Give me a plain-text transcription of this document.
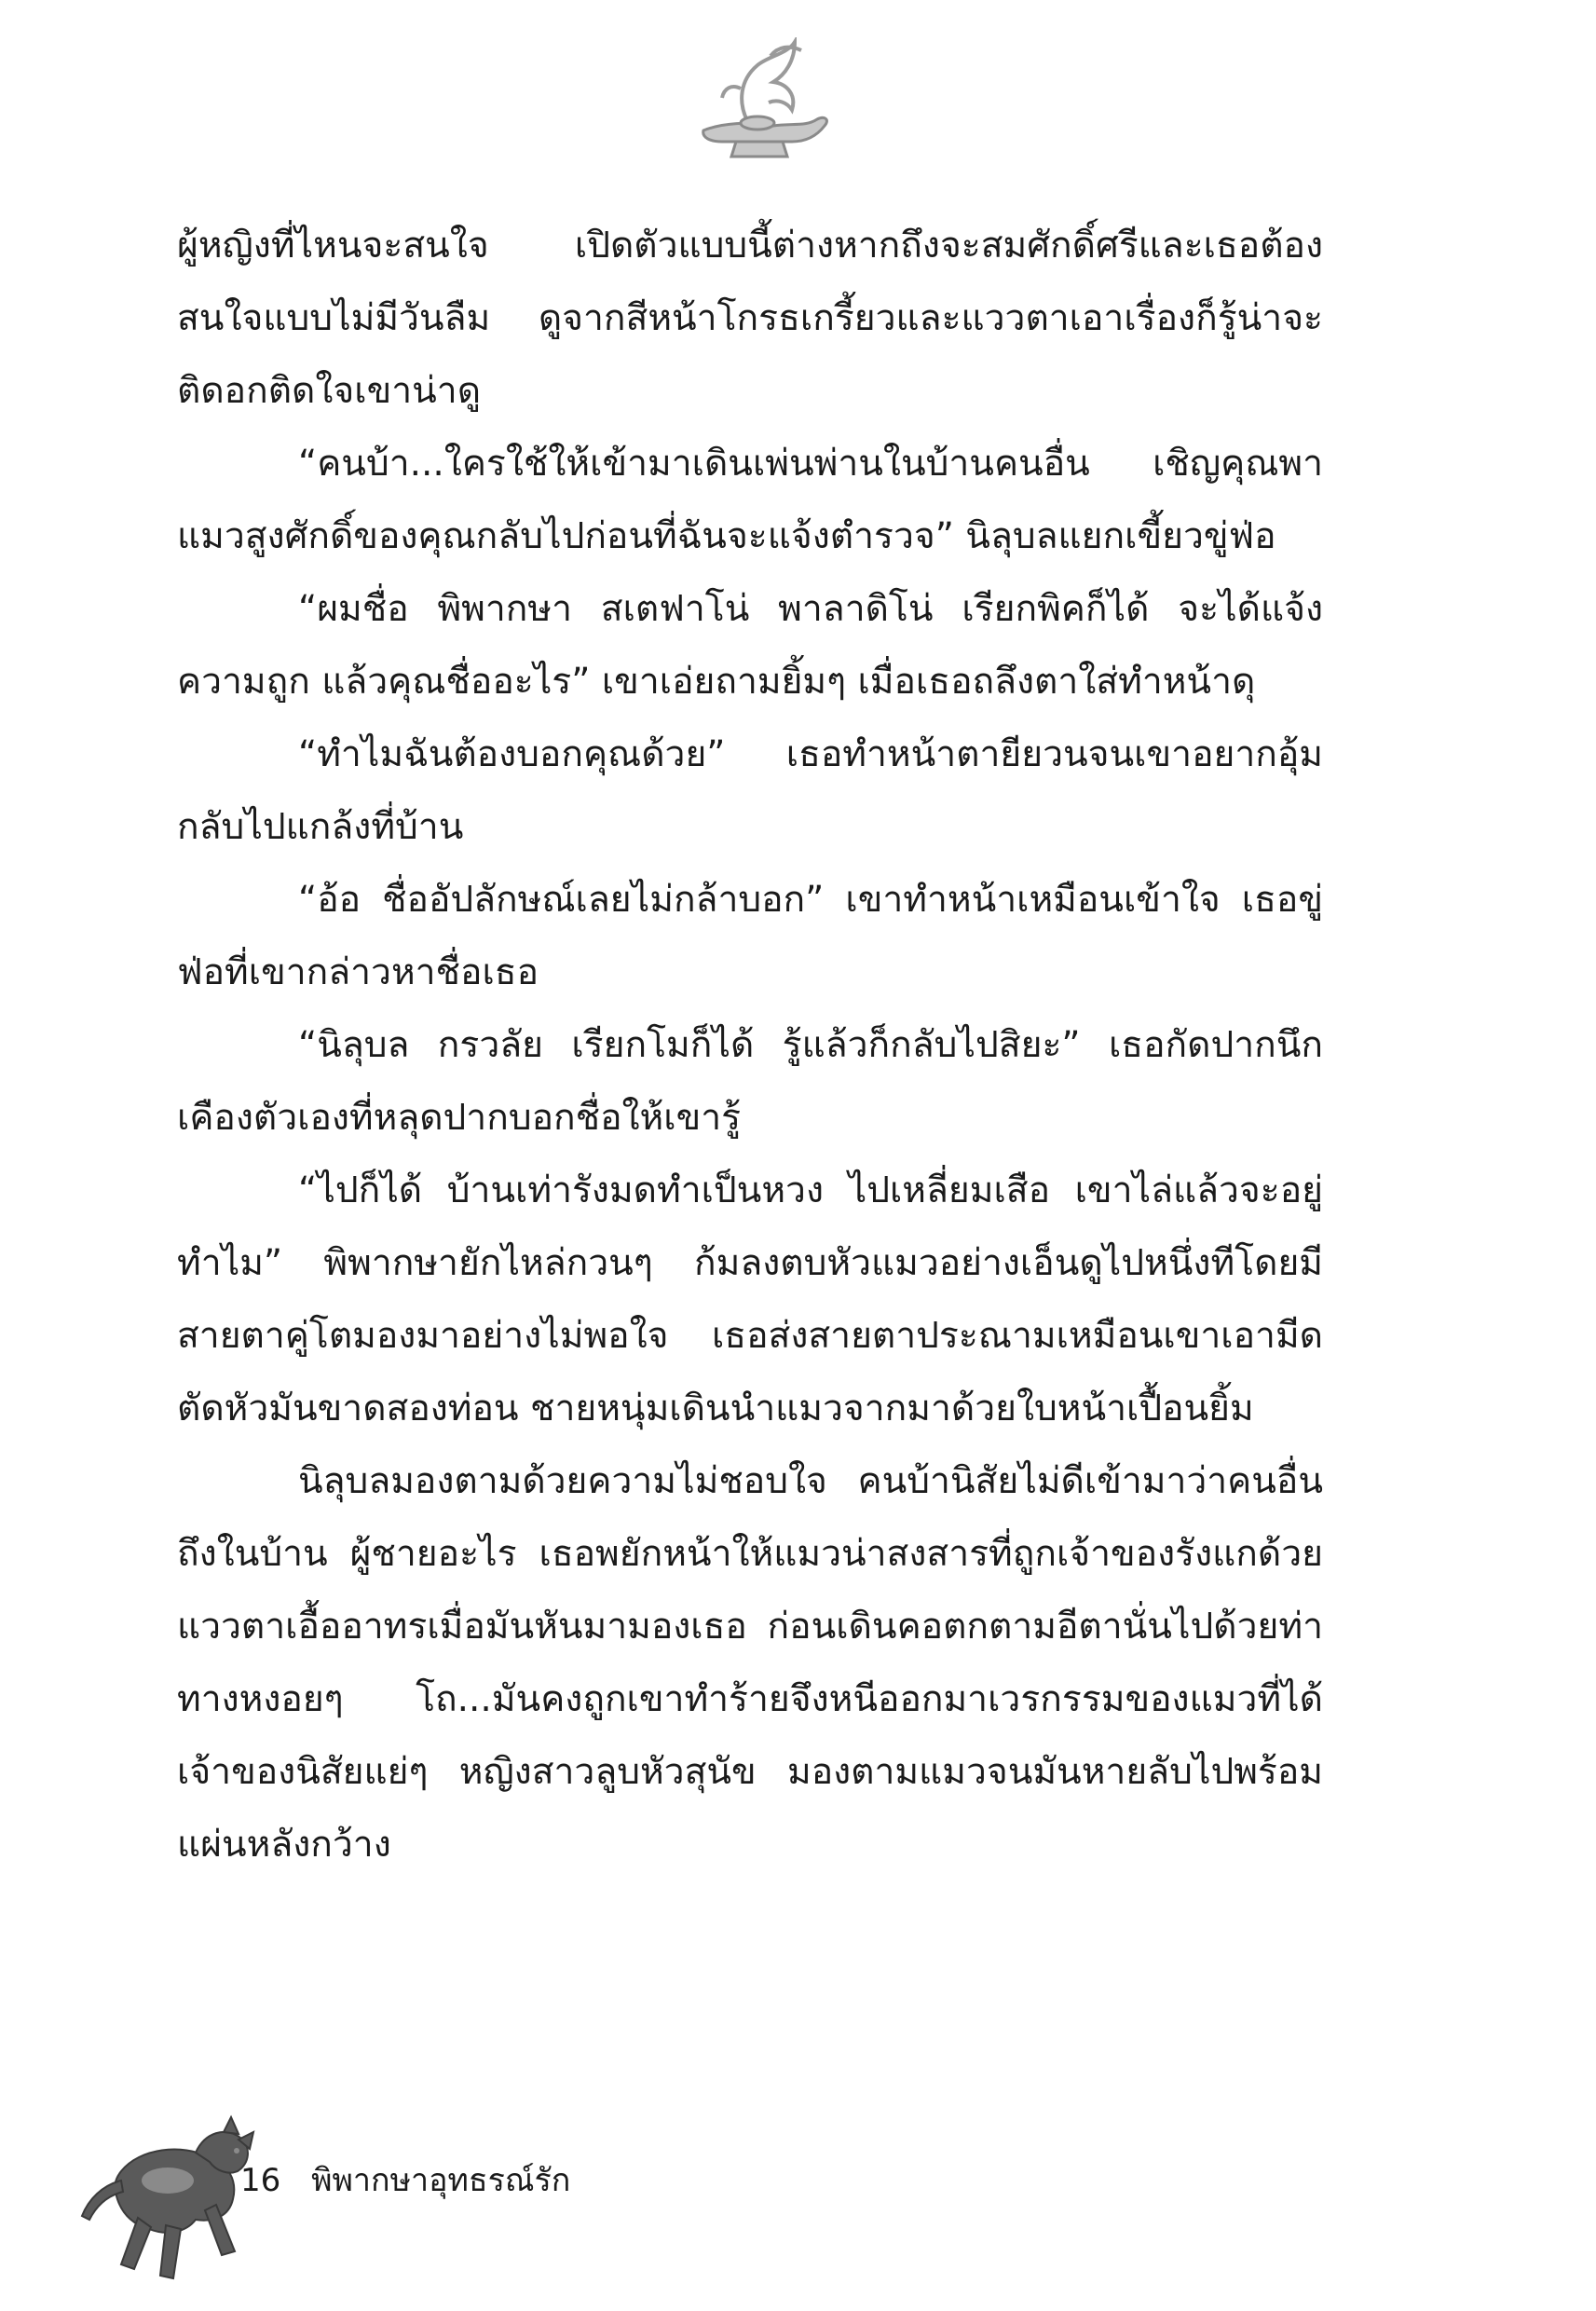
ผู้หญิงที่ไหนจะสนใจ เปิดตัวแบบนี้ต่างหากถึงจะสมศักดิ์ศรีและเธอต้องสนใจแบบไม่มีวันลืม ดูจากสีหน้าโกรธเกรี้ยวและแววตาเอาเรื่องก็รู้น่าจะติดอกติดใจเขาน่าดู

“คนบ้า...ใครใช้ให้เข้ามาเดินเพ่นพ่านในบ้านคนอื่น เชิญคุณพาแมวสูงศักดิ์ของคุณกลับไปก่อนที่ฉันจะแจ้งตำรวจ” นิลุบลแยกเขี้ยวขู่ฟ่อ

“ผมชื่อ พิพากษา สเตฟาโน่ พาลาดิโน่ เรียกพิคก็ได้ จะได้แจ้งความถูก แล้วคุณชื่ออะไร” เขาเอ่ยถามยิ้มๆ เมื่อเธอถลึงตาใส่ทำหน้าดุ

“ทำไมฉันต้องบอกคุณด้วย” เธอทำหน้าตายียวนจนเขาอยากอุ้มกลับไปแกล้งที่บ้าน

“อ้อ ชื่ออัปลักษณ์เลยไม่กล้าบอก” เขาทำหน้าเหมือนเข้าใจ เธอขู่ฟ่อที่เขากล่าวหาชื่อเธอ

“นิลุบล กรวลัย เรียกโมก็ได้ รู้แล้วก็กลับไปสิยะ” เธอกัดปากนึกเคืองตัวเองที่หลุดปากบอกชื่อให้เขารู้

“ไปก็ได้ บ้านเท่ารังมดทำเป็นหวง ไปเหลี่ยมเสือ เขาไล่แล้วจะอยู่ทำไม” พิพากษายักไหล่กวนๆ ก้มลงตบหัวแมวอย่างเอ็นดูไปหนึ่งทีโดยมีสายตาคู่โตมองมาอย่างไม่พอใจ เธอส่งสายตาประณามเหมือนเขาเอามีดตัดหัวมันขาดสองท่อน ชายหนุ่มเดินนำแมวจากมาด้วยใบหน้าเปื้อนยิ้ม

นิลุบลมองตามด้วยความไม่ชอบใจ คนบ้านิสัยไม่ดีเข้ามาว่าคนอื่นถึงในบ้าน ผู้ชายอะไร เธอพยักหน้าให้แมวน่าสงสารที่ถูกเจ้าของรังแกด้วยแววตาเอื้ออาทรเมื่อมันหันมามองเธอ ก่อนเดินคอตกตามอีตานั่นไปด้วยท่าทางหงอยๆ โถ...มันคงถูกเขาทำร้ายจึงหนีออกมาเวรกรรมของแมวที่ได้เจ้าของนิสัยแย่ๆ หญิงสาวลูบหัวสุนัข มองตามแมวจนมันหายลับไปพร้อมแผ่นหลังกว้าง

16 พิพากษาอุทธรณ์รัก
